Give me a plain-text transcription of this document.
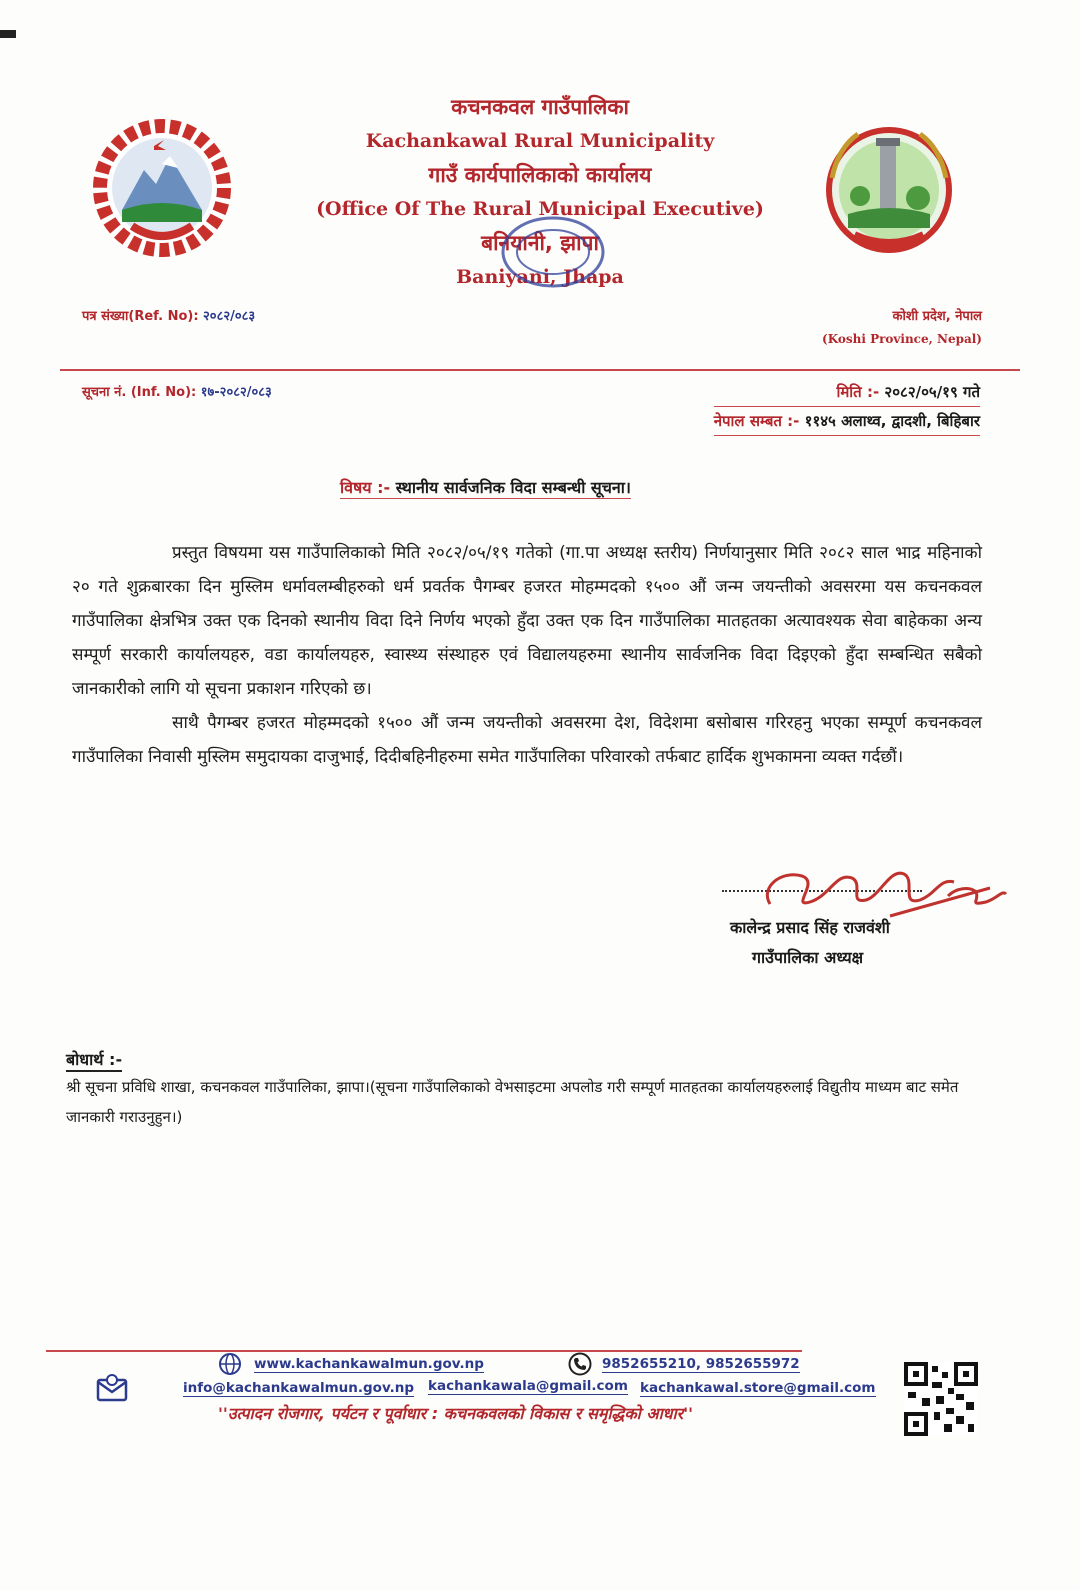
कचनकवल गाउँपालिका
Kachankawal Rural Municipality
गाउँ कार्यपालिकाको कार्यालय
(Office Of The Rural Municipal Executive)
बनियानी, झापा
Baniyani, Jhapa
पत्र संख्या(Ref. No): २०८२/०८३	कोशी प्रदेश, नेपाल
(Koshi Province, Nepal)
सूचना नं. (Inf. No): १७-२०८२/०८३	मिति :- २०८२/०५/१९ गते
नेपाल सम्बत :- ११४५ अलाथ्व, द्वादशी, बिहिबार
विषय :- स्थानीय सार्वजनिक विदा सम्बन्धी सूचना।

प्रस्तुत विषयमा यस गाउँपालिकाको मिति २०८२/०५/१९ गतेको (गा.पा अध्यक्ष स्तरीय) निर्णयानुसार मिति २०८२ साल भाद्र महिनाको २० गते शुक्रबारका दिन मुस्लिम धर्मावलम्बीहरुको धर्म प्रवर्तक पैगम्बर हजरत मोहम्मदको १५०० औं जन्म जयन्तीको अवसरमा यस कचनकवल गाउँपालिका क्षेत्रभित्र उक्त एक दिनको स्थानीय विदा दिने निर्णय भएको हुँदा उक्त एक दिन गाउँपालिका मातहतका अत्यावश्यक सेवा बाहेकका अन्य सम्पूर्ण सरकारी कार्यालयहरु, वडा कार्यालयहरु, स्वास्थ्य संस्थाहरु एवं विद्यालयहरुमा स्थानीय सार्वजनिक विदा दिइएको हुँदा सम्बन्धित सबैको जानकारीको लागि यो सूचना प्रकाशन गरिएको छ।

साथै पैगम्बर हजरत मोहम्मदको १५०० औं जन्म जयन्तीको अवसरमा देश, विदेशमा बसोबास गरिरहनु भएका सम्पूर्ण कचनकवल गाउँपालिका निवासी मुस्लिम समुदायका दाजुभाई, दिदीबहिनीहरुमा समेत गाउँपालिका परिवारको तर्फबाट हार्दिक शुभकामना व्यक्त गर्दछौं।

कालेन्द्र प्रसाद सिंह राजवंशी
गाउँपालिका अध्यक्ष
बोधार्थ :-
श्री सूचना प्रविधि शाखा, कचनकवल गाउँपालिका, झापा।(सूचना गाउँपालिकाको वेभसाइटमा अपलोड गरी सम्पूर्ण मातहतका कार्यालयहरुलाई विद्युतीय माध्यम बाट समेत जानकारी गराउनुहुन।)
www.kachankawalmun.gov.np	9852655210, 9852655972
info@kachankawalmun.gov.np kachankawala@gmail.com kachankawal.store@gmail.com
''उत्पादन रोजगार, पर्यटन र पूर्वाधार : कचनकवलको विकास र समृद्धिको आधार''
